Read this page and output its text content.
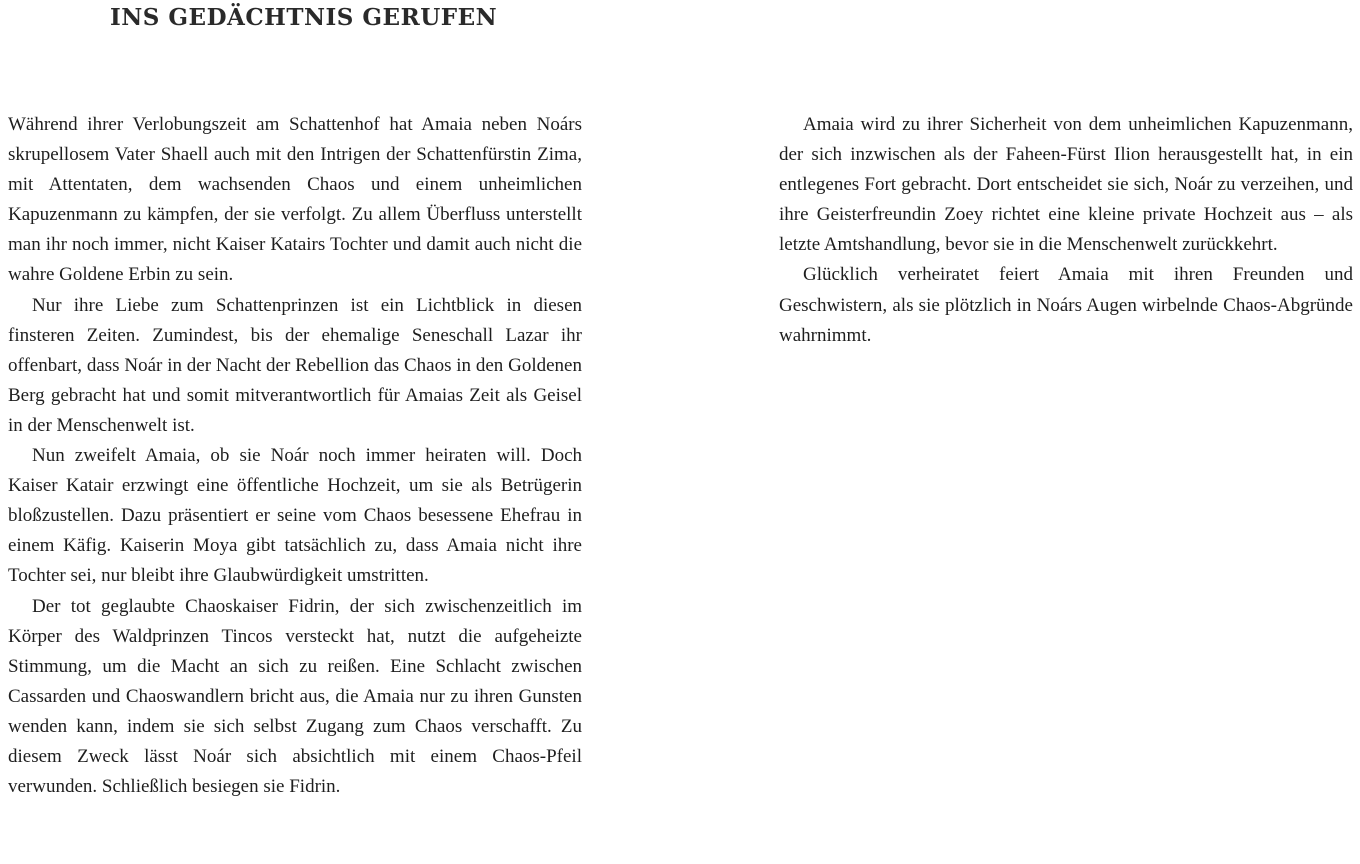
INS GEDÄCHTNIS GERUFEN

Während ihrer Verlobungszeit am Schattenhof hat Amaia neben Noárs skrupellosem Vater Shaell auch mit den Intrigen der Schattenfürstin Zima, mit Attentaten, dem wachsenden Chaos und einem unheimlichen Kapuzenmann zu kämpfen, der sie verfolgt. Zu allem Überfluss unterstellt man ihr noch immer, nicht Kaiser Katairs Tochter und damit auch nicht die wahre Goldene Erbin zu sein.

Nur ihre Liebe zum Schattenprinzen ist ein Lichtblick in diesen finsteren Zeiten. Zumindest, bis der ehemalige Seneschall Lazar ihr offenbart, dass Noár in der Nacht der Rebellion das Chaos in den Goldenen Berg gebracht hat und somit mitverantwortlich für Amaias Zeit als Geisel in der Menschenwelt ist.

Nun zweifelt Amaia, ob sie Noár noch immer heiraten will. Doch Kaiser Katair erzwingt eine öffentliche Hochzeit, um sie als Betrügerin bloßzustellen. Dazu präsentiert er seine vom Chaos besessene Ehefrau in einem Käfig. Kaiserin Moya gibt tatsächlich zu, dass Amaia nicht ihre Tochter sei, nur bleibt ihre Glaubwürdigkeit umstritten.

Der tot geglaubte Chaoskaiser Fidrin, der sich zwischenzeitlich im Körper des Waldprinzen Tincos versteckt hat, nutzt die aufgeheizte Stimmung, um die Macht an sich zu reißen. Eine Schlacht zwischen Cassarden und Chaoswandlern bricht aus, die Amaia nur zu ihren Gunsten wenden kann, indem sie sich selbst Zugang zum Chaos verschafft. Zu diesem Zweck lässt Noár sich absichtlich mit einem Chaos-Pfeil verwunden. Schließlich besiegen sie Fidrin.

Amaia wird zu ihrer Sicherheit von dem unheimlichen Kapuzenmann, der sich inzwischen als der Faheen-Fürst Ilion herausgestellt hat, in ein entlegenes Fort gebracht. Dort entscheidet sie sich, Noár zu verzeihen, und ihre Geisterfreundin Zoey richtet eine kleine private Hochzeit aus – als letzte Amtshandlung, bevor sie in die Menschenwelt zurückkehrt.

Glücklich verheiratet feiert Amaia mit ihren Freunden und Geschwistern, als sie plötzlich in Noárs Augen wirbelnde Chaos-Abgründe wahrnimmt.
